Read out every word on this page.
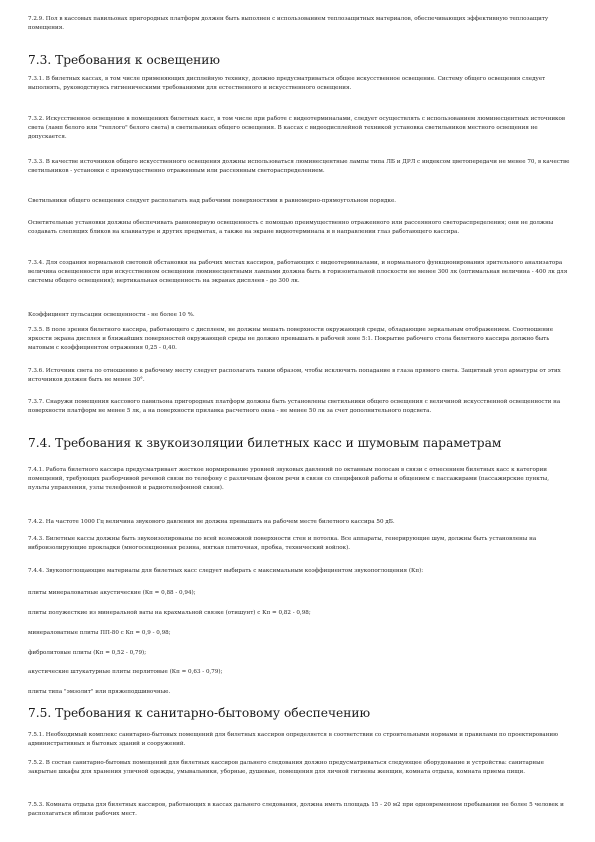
7.2.9. Пол в кассовых павильонах пригородных платформ должен быть выполнен с использованием теплозащитных материалов, обеспечивающих эффективную теплозащиту помещения.

7.3. Требования к освещению

7.3.1. В билетных кассах, в том числе применяющих дисплейную технику, должно предусматриваться общее искусственное освещение. Систему общего освещения следует выполнять, руководствуясь гигиеническими требованиями для естественного и искусственного освещения.

7.3.2. Искусственное освещение в помещениях билетных касс, в том числе при работе с видеотерминалами, следует осуществлять с использованием люминесцентных источников света (ламп белого или "теплого" белого света) в светильниках общего освещения. В кассах с видеодисплейной техникой установка светильников местного освещения не допускается.

7.3.3. В качестве источников общего искусственного освещения должны использоваться люминесцентные лампы типа ЛБ и ДРЛ с индексом цветопередачи не менее 70, в качестве светильников - установки с преимущественно отраженным или рассеянным светораспределением.

Светильники общего освещения следует располагать над рабочими поверхностями в равномерно-прямоугольном порядке.

Осветительные установки должны обеспечивать равномерную освещенность с помощью преимущественно отраженного или рассеянного светораспределения; они не должны создавать слепящих бликов на клавиатуре и других предметах, а также на экране видеотерминала и в направлении глаз работающего кассира.

7.3.4. Для создания нормальной световой обстановки на рабочих местах кассиров, работающих с видеотерминалами, и нормального функционирования зрительного анализатора величина освещенности при искусственном освещении люминесцентными лампами должна быть в горизонтальной плоскости не менее 300 лк (оптимальная величина - 400 лк для системы общего освещения); вертикальная освещенность на экранах дисплеев - до 300 лк.

Коэффициент пульсации освещенности - не более 10 %.

7.3.5. В поле зрения билетного кассира, работающего с дисплеем, не должны мешать поверхности окружающей среды, обладающие зеркальным отображением. Соотношение яркости экрана дисплея и ближайших поверхностей окружающей среды не должно превышать в рабочей зоне 5:1. Покрытие рабочего стола билетного кассира должно быть матовым с коэффициентом отражения 0,25 - 0,40.

7.3.6. Источник света по отношению к рабочему месту следует располагать таким образом, чтобы исключить попадание в глаза прямого света. Защитный угол арматуры от этих источников должен быть не менее 30°.

7.3.7. Снаружи помещения кассового павильона пригородных платформ должны быть установлены светильники общего освещения с величиной искусственной освещенности на поверхности платформ не менее 5 лк, а на поверхности прилавка расчетного окна - не менее 50 лк за счет дополнительного подсвета.

7.4. Требования к звукоизоляции билетных касс и шумовым параметрам

7.4.1. Работа билетного кассира предусматривает жесткое нормирование уровней звуковых давлений по октавным полосам в связи с отнесением билетных касс к категории помещений, требующих разборчивой речевой связи по телефону с различным фоном речи в связи со спецификой работы и общением с пассажирами (пассажирские пункты, пульты управления, узлы телефонной и радиотелефонной связи).

7.4.2. На частоте 1000 Гц величина звукового давления не должна превышать на рабочем месте билетного кассира 50 дБ.

7.4.3. Билетные кассы должны быть звукоизолированы по всей возможной поверхности стен и потолка. Все аппараты, генерирующие шум, должны быть установлены на виброизолирующие прокладки (многосекционная резина, мягкая плиточная, пробка, технический войлок).

7.4.4. Звукопоглощающие материалы для билетных касс следует выбирать с максимальным коэффициентом звукопоглощения (Кп):

плиты минераловатные акустические (Кп = 0,88 - 0,94);

плиты полужесткие из минеральной ваты на крахмальной связке (отишунт) с Кп = 0,82 - 0,98;

минераловатные плиты ПП-80 с Кп = 0,9 - 0,98;

фибролитовые плиты (Кп = 0,52 - 0,79);

акустические штукатурные плиты перлитовые (Кп = 0,63 - 0,79);

плиты типа "эмзолит" или пряжеподшивочные.

7.5. Требования к санитарно-бытовому обеспечению

7.5.1. Необходимый комплекс санитарно-бытовых помещений для билетных кассиров определяется в соответствии со строительными нормами и правилами по проектированию административных и бытовых зданий и сооружений.

7.5.2. В состав санитарно-бытовых помещений для билетных кассиров дальнего следования должно предусматриваться следующее оборудование и устройства: санитарные закрытые шкафы для хранения уличной одежды, умывальники, уборные, душевые, помещения для личной гигиены женщин, комната отдыха, комната приема пищи.

7.5.3. Комната отдыха для билетных кассиров, работающих в кассах дальнего следования, должна иметь площадь 15 - 20 м2 при одновременном пребывании не более 5 человек и располагаться вблизи рабочих мест.
